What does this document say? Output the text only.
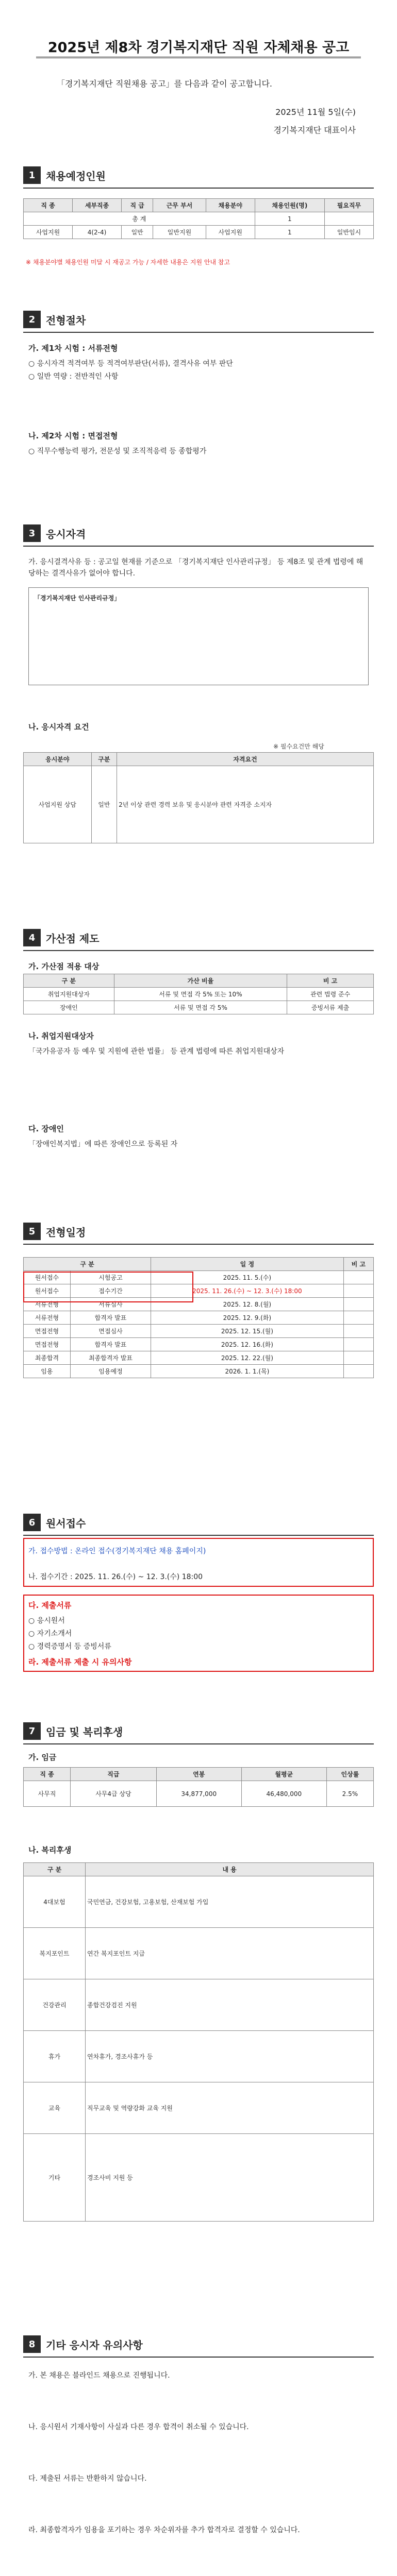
2025년 제8차 경기복지재단 직원 자체채용 공고
「경기복지재단 직원채용 공고」를 다음과 같이 공고합니다.
2025년 11월 5일(수)
경기복지재단 대표이사
1	채용예정인원
직 종	세부직종	직 급	근무 부서	채용분야	채용인원(명)	필요직무
총 계					1	
사업지원	4(2-4)	일반	일반지원	사업지원	1	일반임시
※ 채용분야별 채용인원 미달 시 재공고 가능 / 자세한 내용은 지원 안내 참고
2	전형절차
가. 제1차 시험 : 서류전형
○ 응시자격 적격여부 등 적격여부판단(서류), 결격사유 여부 판단
○ 일반 역량 : 전반적인 사항
나. 제2차 시험 : 면접전형
○ 직무수행능력 평가, 전문성 및 조직적응력 등 종합평가
3	응시자격
가. 응시결격사유 등 : 공고일 현재를 기준으로 「경기복지재단 인사관리규정」 등 제8조 및 관계 법령에 해당하는 결격사유가 없어야 합니다.
「경기복지재단 인사관리규정」
나. 응시자격 요건
※ 필수요건만 해당
응시분야	구분	자격요건
사업지원 상담	일반	2년 이상 관련 경력 보유 및 응시분야 관련 자격증 소지자
4	가산점 제도
가. 가산점 적용 대상
구 분	가산 비율	비 고
취업지원대상자	서류 및 면접 각 5% 또는 10%	관련 법령 준수
장애인	서류 및 면접 각 5%	증빙서류 제출
나. 취업지원대상자
「국가유공자 등 예우 및 지원에 관한 법률」 등 관계 법령에 따른 취업지원대상자
다. 장애인
「장애인복지법」에 따른 장애인으로 등록된 자
5	전형일정
구 분		일 정	비 고
원서접수	시험공고	2025. 11. 5.(수)	
원서접수	접수기간	2025. 11. 26.(수) ~ 12. 3.(수) 18:00	
서류전형	서류심사	2025. 12. 8.(월)	
서류전형	합격자 발표	2025. 12. 9.(화)	
면접전형	면접심사	2025. 12. 15.(월)	
면접전형	합격자 발표	2025. 12. 16.(화)	
최종합격	최종합격자 발표	2025. 12. 22.(월)	
임용	임용예정	2026. 1. 1.(목)	
6	원서접수
가. 접수방법 : 온라인 접수(경기복지재단 채용 홈페이지)
나. 접수기간 : 2025. 11. 26.(수) ~ 12. 3.(수) 18:00
다. 제출서류
○ 응시원서
○ 자기소개서
○ 경력증명서 등 증빙서류
라. 제출서류 제출 시 유의사항
7	임금 및 복리후생
가. 임금
직 종	직급	연봉	월평균	인상률
사무직	사무4급 상당	34,877,000	46,480,000	2.5%
나. 복리후생
구 분	내 용
4대보험	국민연금, 건강보험, 고용보험, 산재보험 가입
복지포인트	연간 복지포인트 지급
건강관리	종합건강검진 지원
휴가	연차휴가, 경조사휴가 등
교육	직무교육 및 역량강화 교육 지원
기타	경조사비 지원 등
8	기타 응시자 유의사항
가. 본 채용은 블라인드 채용으로 진행됩니다.
나. 응시원서 기재사항이 사실과 다른 경우 합격이 취소될 수 있습니다.
다. 제출된 서류는 반환하지 않습니다.
라. 최종합격자가 임용을 포기하는 경우 차순위자를 추가 합격자로 결정할 수 있습니다.
